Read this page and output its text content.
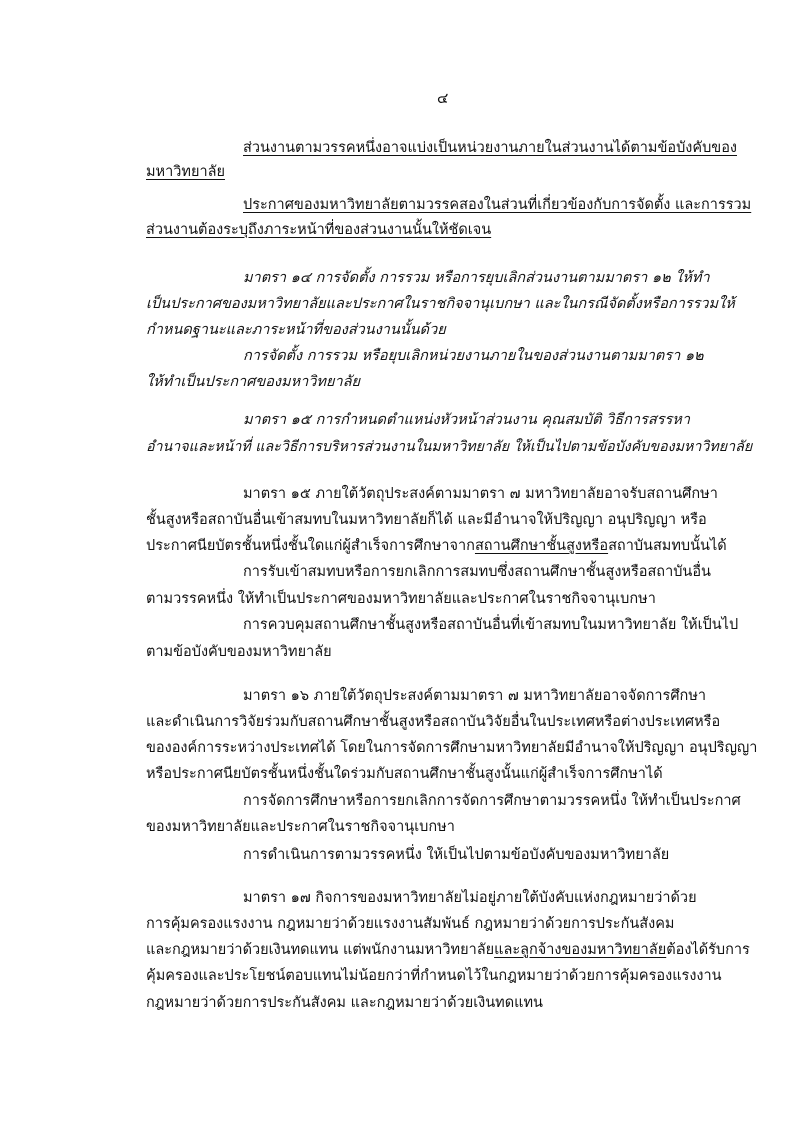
๔
ส่วนงานตามวรรคหนึ่งอาจแบ่งเป็นหน่วยงานภายในส่วนงานได้ตามข้อบังคับของ
มหาวิทยาลัย
ประกาศของมหาวิทยาลัยตามวรรคสองในส่วนที่เกี่ยวข้องกับการจัดตั้ง และการรวม
ส่วนงานต้องระบุถึงภาระหน้าที่ของส่วนงานนั้นให้ชัดเจน
มาตรา ๑๔ การจัดตั้ง การรวม หรือการยุบเลิกส่วนงานตามมาตรา ๑๒ ให้ทำ
เป็นประกาศของมหาวิทยาลัยและประกาศในราชกิจจานุเบกษา และในกรณีจัดตั้งหรือการรวมให้
กำหนดฐานะและภาระหน้าที่ของส่วนงานนั้นด้วย
การจัดตั้ง การรวม หรือยุบเลิกหน่วยงานภายในของส่วนงานตามมาตรา ๑๒
ให้ทำเป็นประกาศของมหาวิทยาลัย
มาตรา ๑๕ การกำหนดตำแหน่งหัวหน้าส่วนงาน คุณสมบัติ วิธีการสรรหา
อำนาจและหน้าที่ และวิธีการบริหารส่วนงานในมหาวิทยาลัย ให้เป็นไปตามข้อบังคับของมหาวิทยาลัย
มาตรา ๑๕ ภายใต้วัตถุประสงค์ตามมาตรา ๗ มหาวิทยาลัยอาจรับสถานศึกษา
ชั้นสูงหรือสถาบันอื่นเข้าสมทบในมหาวิทยาลัยก็ได้ และมีอำนาจให้ปริญญา อนุปริญญา หรือ
ประกาศนียบัตรชั้นหนึ่งชั้นใดแก่ผู้สำเร็จการศึกษาจากสถานศึกษาชั้นสูงหรือสถาบันสมทบนั้นได้
การรับเข้าสมทบหรือการยกเลิกการสมทบซึ่งสถานศึกษาชั้นสูงหรือสถาบันอื่น
ตามวรรคหนึ่ง ให้ทำเป็นประกาศของมหาวิทยาลัยและประกาศในราชกิจจานุเบกษา
การควบคุมสถานศึกษาชั้นสูงหรือสถาบันอื่นที่เข้าสมทบในมหาวิทยาลัย ให้เป็นไป
ตามข้อบังคับของมหาวิทยาลัย
มาตรา ๑๖ ภายใต้วัตถุประสงค์ตามมาตรา ๗ มหาวิทยาลัยอาจจัดการศึกษา
และดำเนินการวิจัยร่วมกับสถานศึกษาชั้นสูงหรือสถาบันวิจัยอื่นในประเทศหรือต่างประเทศหรือ
ขององค์การระหว่างประเทศได้ โดยในการจัดการศึกษามหาวิทยาลัยมีอำนาจให้ปริญญา อนุปริญญา
หรือประกาศนียบัตรชั้นหนึ่งชั้นใดร่วมกับสถานศึกษาชั้นสูงนั้นแก่ผู้สำเร็จการศึกษาได้
การจัดการศึกษาหรือการยกเลิกการจัดการศึกษาตามวรรคหนึ่ง ให้ทำเป็นประกาศ
ของมหาวิทยาลัยและประกาศในราชกิจจานุเบกษา
การดำเนินการตามวรรคหนึ่ง ให้เป็นไปตามข้อบังคับของมหาวิทยาลัย
มาตรา ๑๗ กิจการของมหาวิทยาลัยไม่อยู่ภายใต้บังคับแห่งกฎหมายว่าด้วย
การคุ้มครองแรงงาน กฎหมายว่าด้วยแรงงานสัมพันธ์ กฎหมายว่าด้วยการประกันสังคม
และกฎหมายว่าด้วยเงินทดแทน แต่พนักงานมหาวิทยาลัยและลูกจ้างของมหาวิทยาลัยต้องได้รับการ
คุ้มครองและประโยชน์ตอบแทนไม่น้อยกว่าที่กำหนดไว้ในกฎหมายว่าด้วยการคุ้มครองแรงงาน
กฎหมายว่าด้วยการประกันสังคม และกฎหมายว่าด้วยเงินทดแทน
